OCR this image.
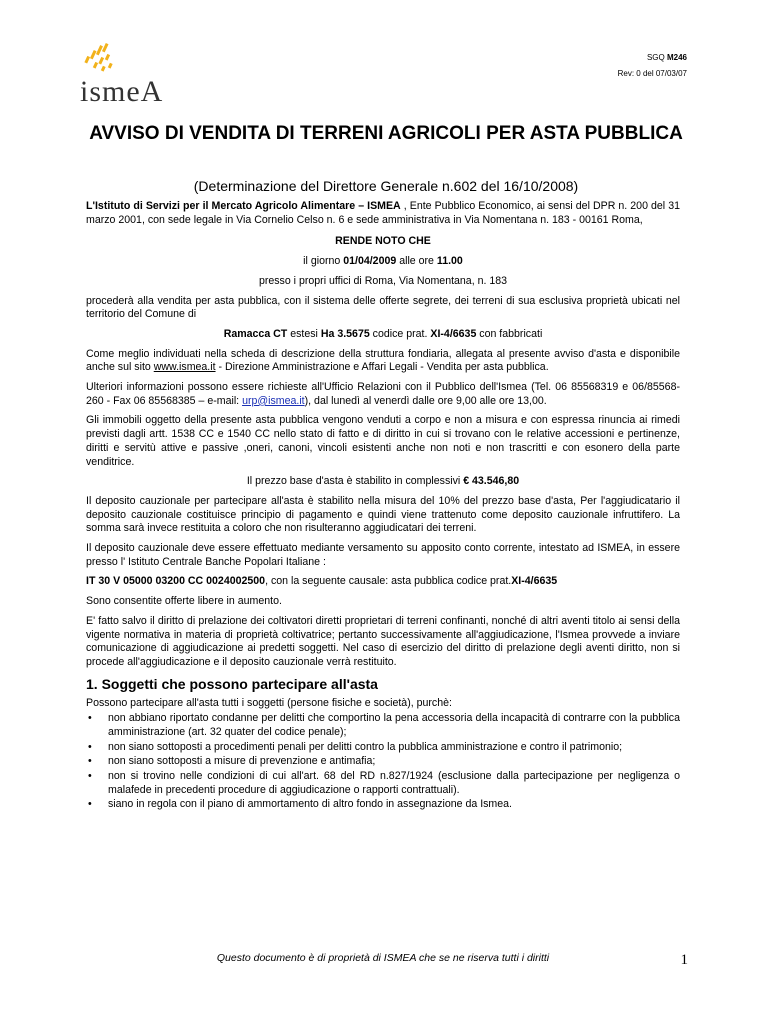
ismeA
SGQ M246
Rev: 0 del 07/03/07
AVVISO DI VENDITA DI TERRENI AGRICOLI PER ASTA PUBBLICA
(Determinazione del Direttore Generale n.602 del 16/10/2008)

L'Istituto di Servizi per il Mercato Agricolo Alimentare – ISMEA , Ente Pubblico Economico, ai sensi del DPR n. 200 del 31 marzo 2001, con sede legale in Via Cornelio Celso n. 6 e sede amministrativa in Via Nomentana n. 183 - 00161 Roma,

RENDE NOTO CHE

il giorno 01/04/2009 alle ore 11.00

presso i propri uffici di Roma, Via Nomentana, n. 183

procederà alla vendita per asta pubblica, con il sistema delle offerte segrete, dei terreni di sua esclusiva proprietà ubicati nel territorio del Comune di

Ramacca CT estesi Ha 3.5675 codice prat. XI-4/6635 con fabbricati

Come meglio individuati nella scheda di descrizione della struttura fondiaria, allegata al presente avviso d'asta e disponibile anche sul sito www.ismea.it - Direzione Amministrazione e Affari Legali - Vendita per asta pubblica.

Ulteriori informazioni possono essere richieste all'Ufficio Relazioni con il Pubblico dell'Ismea (Tel. 06 85568319 e 06/85568-260 - Fax 06 85568385 – e-mail: urp@ismea.it), dal lunedì al venerdì dalle ore 9,00 alle ore 13,00.

Gli immobili oggetto della presente asta pubblica vengono venduti a corpo e non a misura e con espressa rinuncia ai rimedi previsti dagli artt. 1538 CC e 1540 CC nello stato di fatto e di diritto in cui si trovano con le relative accessioni e pertinenze, diritti e servitù attive e passive ,oneri, canoni, vincoli esistenti anche non noti e non trascritti e con esonero della parte venditrice.

Il prezzo base d'asta è stabilito in complessivi € 43.546,80

Il deposito cauzionale per partecipare all'asta è stabilito nella misura del 10% del prezzo base d'asta, Per l'aggiudicatario il deposito cauzionale costituisce principio di pagamento e quindi viene trattenuto come deposito cauzionale infruttifero. La somma sarà invece restituita a coloro che non risulteranno aggiudicatari dei terreni.

Il deposito cauzionale deve essere effettuato mediante versamento su apposito conto corrente, intestato ad ISMEA, in essere presso l' Istituto Centrale Banche Popolari Italiane :

IT 30 V 05000 03200 CC 0024002500, con la seguente causale: asta pubblica codice prat.XI-4/6635

Sono consentite offerte libere in aumento.

E' fatto salvo il diritto di prelazione dei coltivatori diretti proprietari di terreni confinanti, nonché di altri aventi titolo ai sensi della vigente normativa in materia di proprietà coltivatrice; pertanto successivamente all'aggiudicazione, l'Ismea provvede a inviare comunicazione di aggiudicazione ai predetti soggetti. Nel caso di esercizio del diritto di prelazione degli aventi diritto, non si procede all'aggiudicazione e il deposito cauzionale verrà restituito.

1. Soggetti che possono partecipare all'asta

Possono partecipare all'asta tutti i soggetti (persone fisiche e società), purchè:

• non abbiano riportato condanne per delitti che comportino la pena accessoria della incapacità di contrarre con la pubblica amministrazione (art. 32 quater del codice penale);
• non siano sottoposti a procedimenti penali per delitti contro la pubblica amministrazione e contro il patrimonio;
• non siano sottoposti a misure di prevenzione e antimafia;
• non si trovino nelle condizioni di cui all'art. 68 del RD n.827/1924 (esclusione dalla partecipazione per negligenza o malafede in precedenti procedure di aggiudicazione o rapporti contrattuali).
• siano in regola con il piano di ammortamento di altro fondo in assegnazione da Ismea.
Questo documento è di proprietà di ISMEA che se ne riserva tutti i diritti	1
